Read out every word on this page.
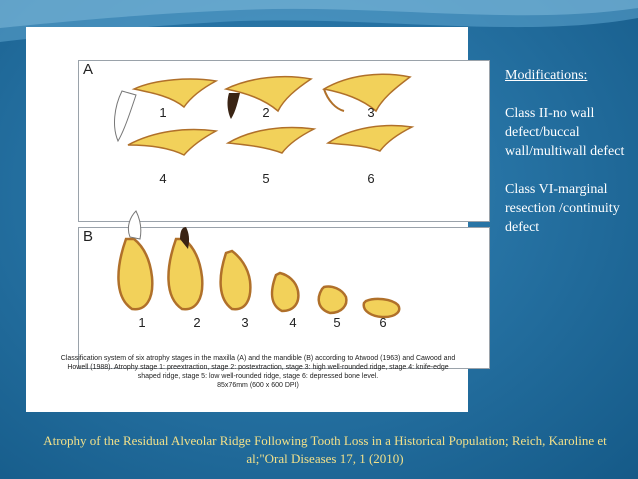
A
B
1	2	3
4	5	6
1	2	3	4	5	6
Classification system of six atrophy stages in the maxilla (A) and the mandible (B) according to Atwood (1963) and Cawood and Howell (1988). Atrophy stage 1: preextraction, stage 2: postextraction, stage 3: high well-rounded ridge, stage 4: knife-edge shaped ridge, stage 5: low well-rounded ridge, stage 6: depressed bone level.
85x76mm (600 x 600 DPI)
Modifications:
Class II-no wall defect/buccal wall/multiwall defect
Class VI-marginal resection /continuity defect
Atrophy of the Residual Alveolar Ridge Following Tooth Loss in a Historical Population; Reich, Karoline et al;"Oral Diseases 17, 1 (2010)
